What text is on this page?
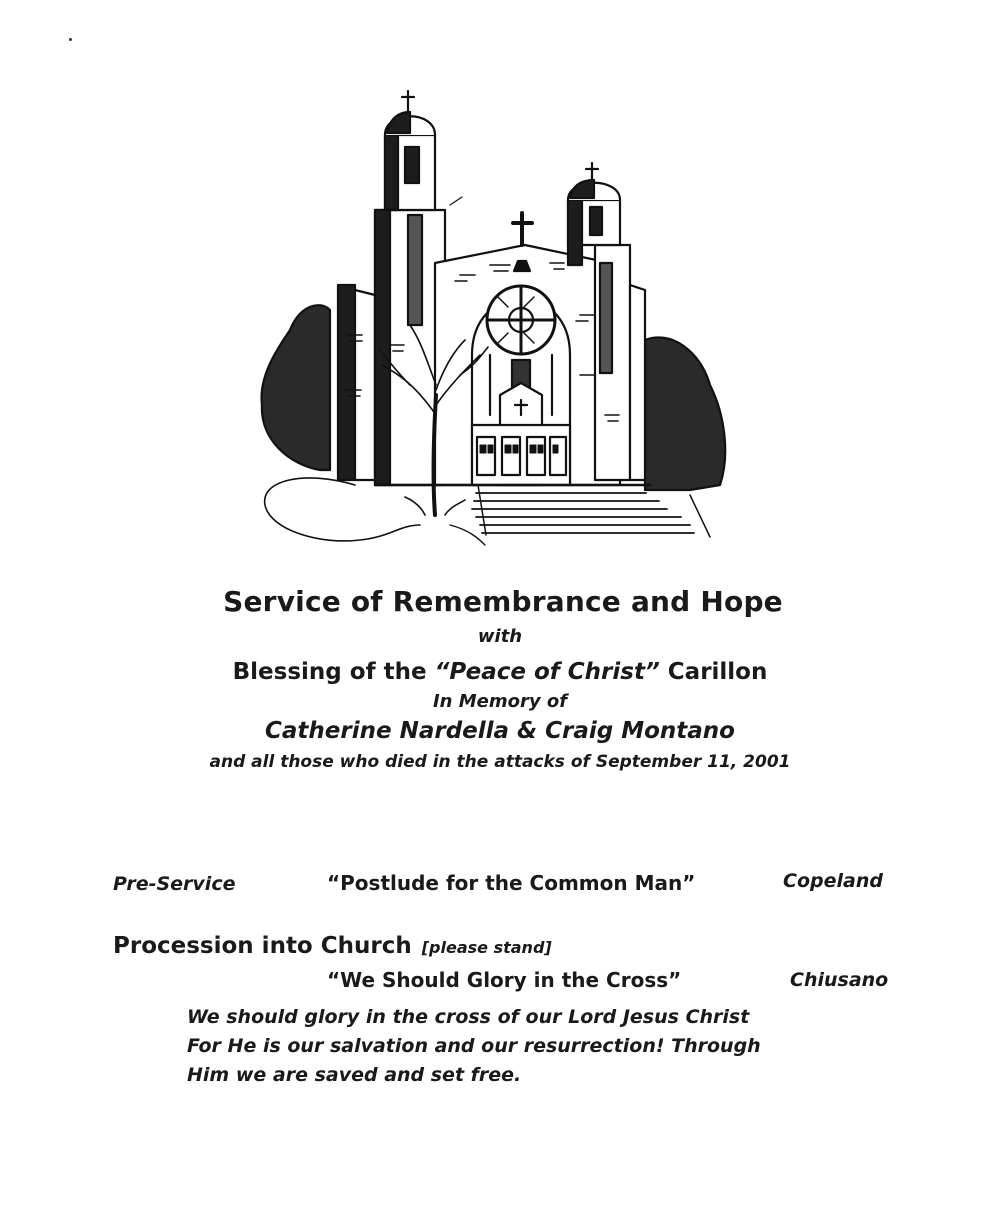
Service of Remembrance and Hope
with
Blessing of the “Peace of Christ” Carillon
In Memory of
Catherine Nardella & Craig Montano
and all those who died in the attacks of September 11, 2001
Pre-Service	“Postlude for the Common Man”	Copeland
Procession into Church [please stand]
“We Should Glory in the Cross”	Chiusano
We should glory in the cross of our Lord Jesus Christ
For He is our salvation and our resurrection! Through
Him we are saved and set free.
